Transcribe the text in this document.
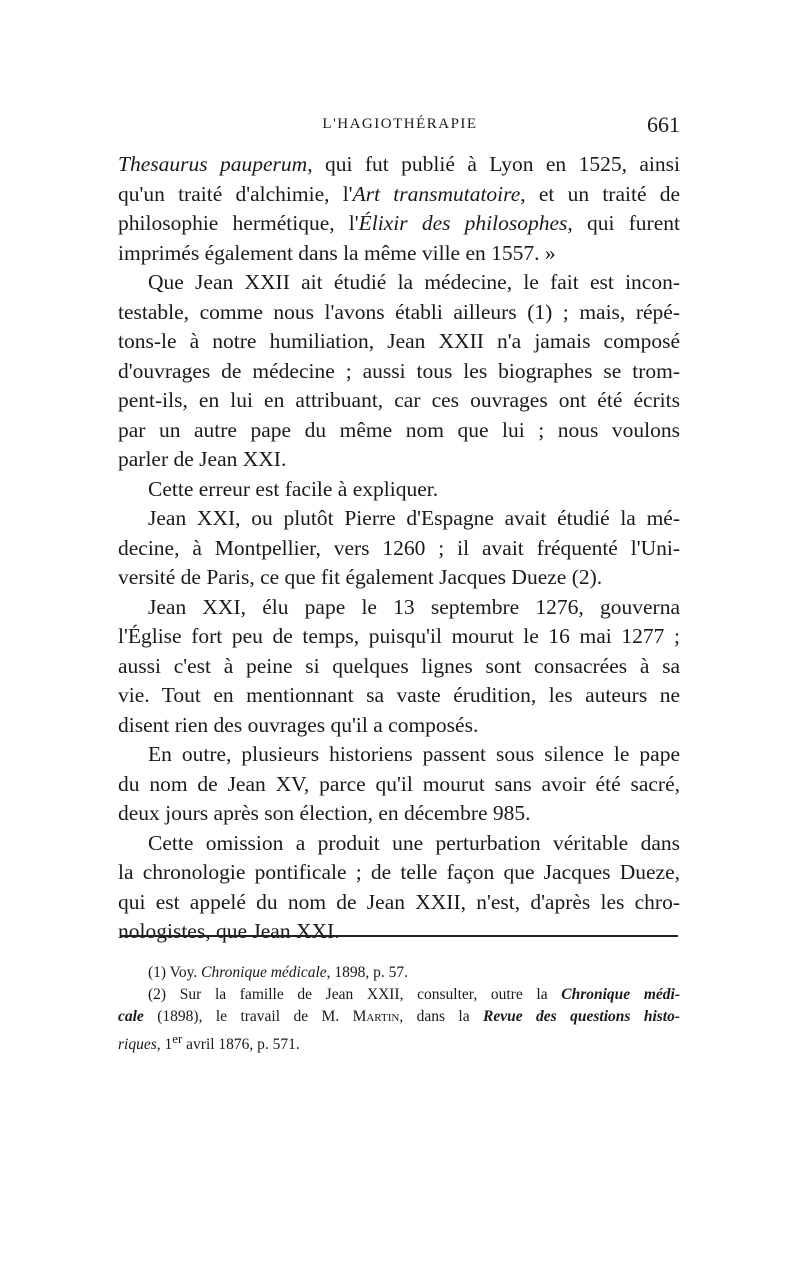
L'HAGIOTHÉRAPIE	661
Thesaurus pauperum, qui fut publié à Lyon en 1525, ainsi
qu'un traité d'alchimie, l'Art transmutatoire, et un traité de
philosophie hermétique, l'Élixir des philosophes, qui furent
imprimés également dans la même ville en 1557. »
Que Jean XXII ait étudié la médecine, le fait est incon-
testable, comme nous l'avons établi ailleurs (1) ; mais, répé-
tons-le à notre humiliation, Jean XXII n'a jamais composé
d'ouvrages de médecine ; aussi tous les biographes se trom-
pent-ils, en lui en attribuant, car ces ouvrages ont été écrits
par un autre pape du même nom que lui ; nous voulons
parler de Jean XXI.
Cette erreur est facile à expliquer.
Jean XXI, ou plutôt Pierre d'Espagne avait étudié la mé-
decine, à Montpellier, vers 1260 ; il avait fréquenté l'Uni-
versité de Paris, ce que fit également Jacques Dueze (2).
Jean XXI, élu pape le 13 septembre 1276, gouverna
l'Église fort peu de temps, puisqu'il mourut le 16 mai 1277 ;
aussi c'est à peine si quelques lignes sont consacrées à sa
vie. Tout en mentionnant sa vaste érudition, les auteurs ne
disent rien des ouvrages qu'il a composés.
En outre, plusieurs historiens passent sous silence le pape
du nom de Jean XV, parce qu'il mourut sans avoir été sacré,
deux jours après son élection, en décembre 985.
Cette omission a produit une perturbation véritable dans
la chronologie pontificale ; de telle façon que Jacques Dueze,
qui est appelé du nom de Jean XXII, n'est, d'après les chro-
nologistes, que Jean XXI.
(1) Voy. Chronique médicale, 1898, p. 57.
(2) Sur la famille de Jean XXII, consulter, outre la Chronique médi-
cale (1898), le travail de M. Martin, dans la Revue des questions histo-
riques, 1er avril 1876, p. 571.
